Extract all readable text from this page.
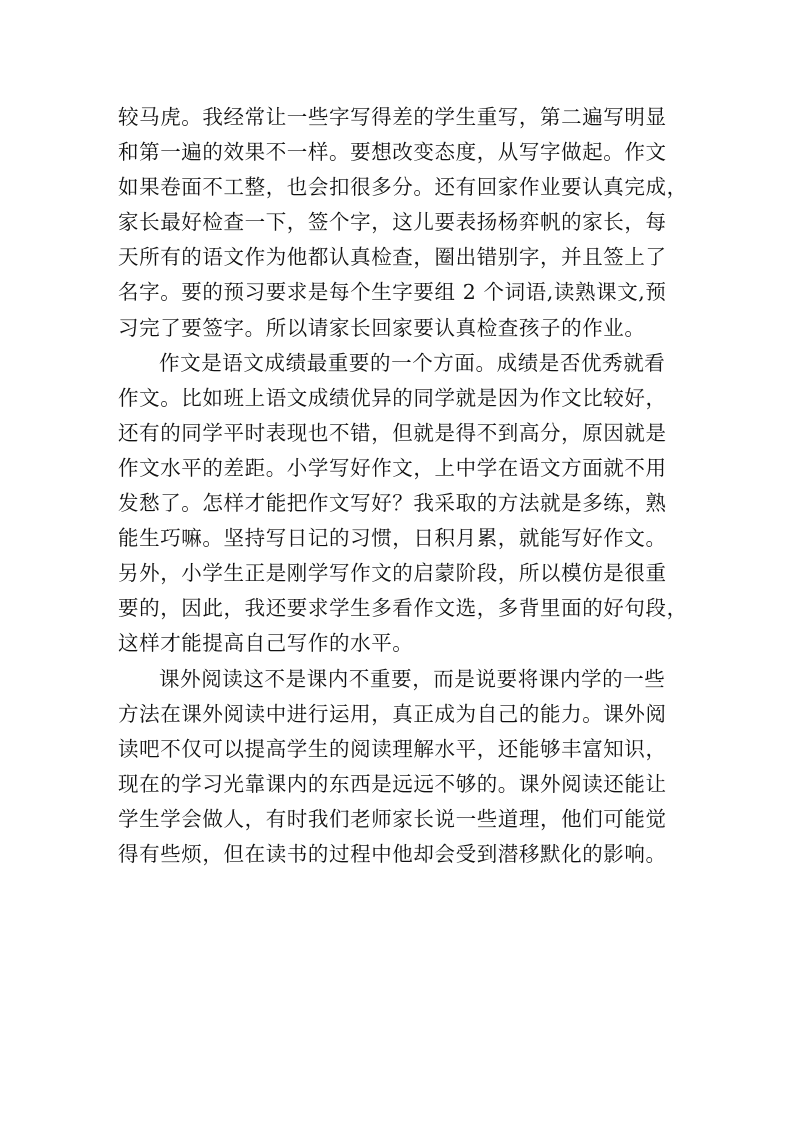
较马虎。我经常让一些字写得差的学生重写，第二遍写明显
和第一遍的效果不一样。要想改变态度，从写字做起。作文
如果卷面不工整，也会扣很多分。还有回家作业要认真完成，
家长最好检查一下，签个字，这儿要表扬杨弈帆的家长，每
天所有的语文作为他都认真检查，圈出错别字，并且签上了
名字。要的预习要求是每个生字要组 2 个词语,读熟课文,预
习完了要签字。所以请家长回家要认真检查孩子的作业。
作文是语文成绩最重要的一个方面。成绩是否优秀就看
作文。比如班上语文成绩优异的同学就是因为作文比较好，
还有的同学平时表现也不错，但就是得不到高分，原因就是
作文水平的差距。小学写好作文，上中学在语文方面就不用
发愁了。怎样才能把作文写好？我采取的方法就是多练，熟
能生巧嘛。坚持写日记的习惯，日积月累，就能写好作文。
另外，小学生正是刚学写作文的启蒙阶段，所以模仿是很重
要的，因此，我还要求学生多看作文选，多背里面的好句段，
这样才能提高自己写作的水平。
课外阅读这不是课内不重要，而是说要将课内学的一些
方法在课外阅读中进行运用，真正成为自己的能力。课外阅
读吧不仅可以提高学生的阅读理解水平，还能够丰富知识，
现在的学习光靠课内的东西是远远不够的。课外阅读还能让
学生学会做人，有时我们老师家长说一些道理，他们可能觉
得有些烦，但在读书的过程中他却会受到潜移默化的影响。
